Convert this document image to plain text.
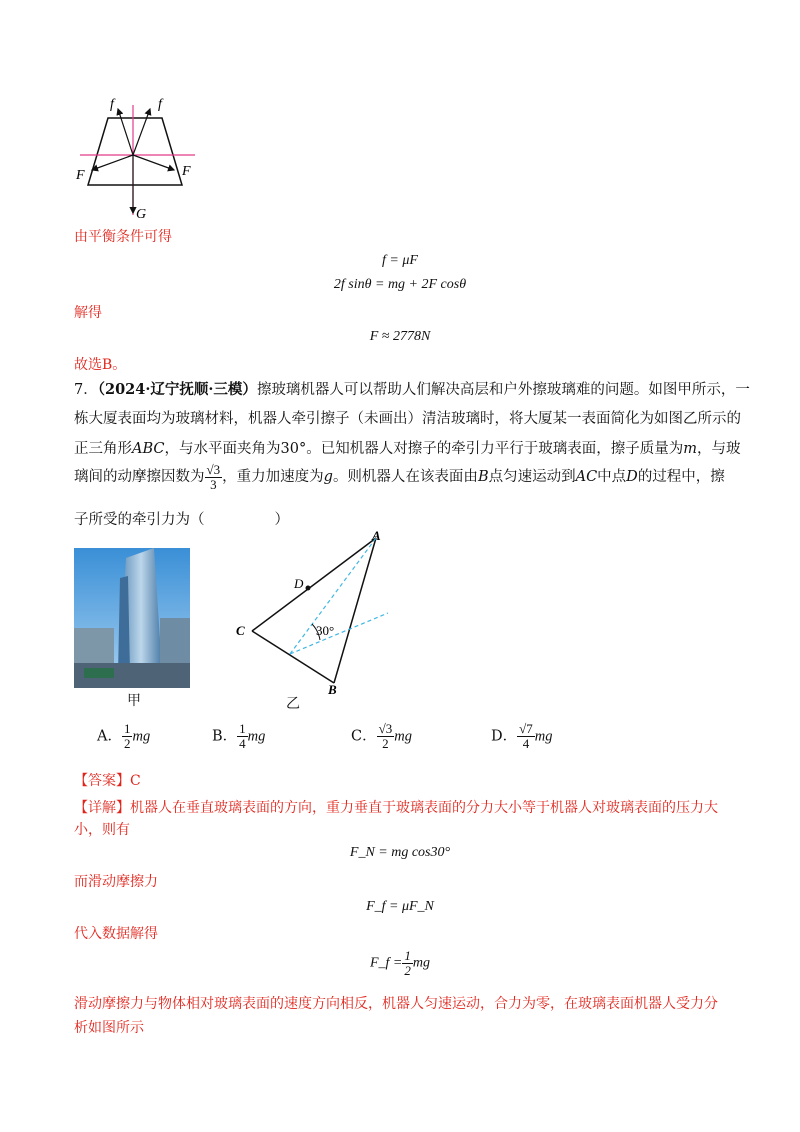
f	f
F	F
G
由平衡条件可得
f = μF
2f sinθ = mg + 2F cosθ
解得
F ≈ 2778N
故选B。
7．（2024·辽宁抚顺·三模）擦玻璃机器人可以帮助人们解决高层和户外擦玻璃难的问题。如图甲所示，一
栋大厦表面均为玻璃材料，机器人牵引擦子（未画出）清洁玻璃时，将大厦某一表面简化为如图乙所示的
正三角形ABC，与水平面夹角为30°。已知机器人对擦子的牵引力平行于玻璃表面，擦子质量为m，与玻
璃间的动摩擦因数为 $\frac{√3}{3}$ ，重力加速度为g。则机器人在该表面由B点匀速运动到AC中点D的过程中，擦
子所受的牵引力为（	）
甲
A
B
C
D
30°
乙
A． $\frac{1}{2}$ mg	B． $\frac{1}{4}$ mg	C． $\frac{√3}{2}$ mg	D． $\frac{√7}{4}$ mg
【答案】C
【详解】机器人在垂直玻璃表面的方向，重力垂直于玻璃表面的分力大小等于机器人对玻璃表面的压力大
小，则有
F_N = mg cos30°
而滑动摩擦力
F_f = μF_N
代入数据解得
F_f = $\frac{1}{2}$ mg
滑动摩擦力与物体相对玻璃表面的速度方向相反，机器人匀速运动，合力为零，在玻璃表面机器人受力分
析如图所示
